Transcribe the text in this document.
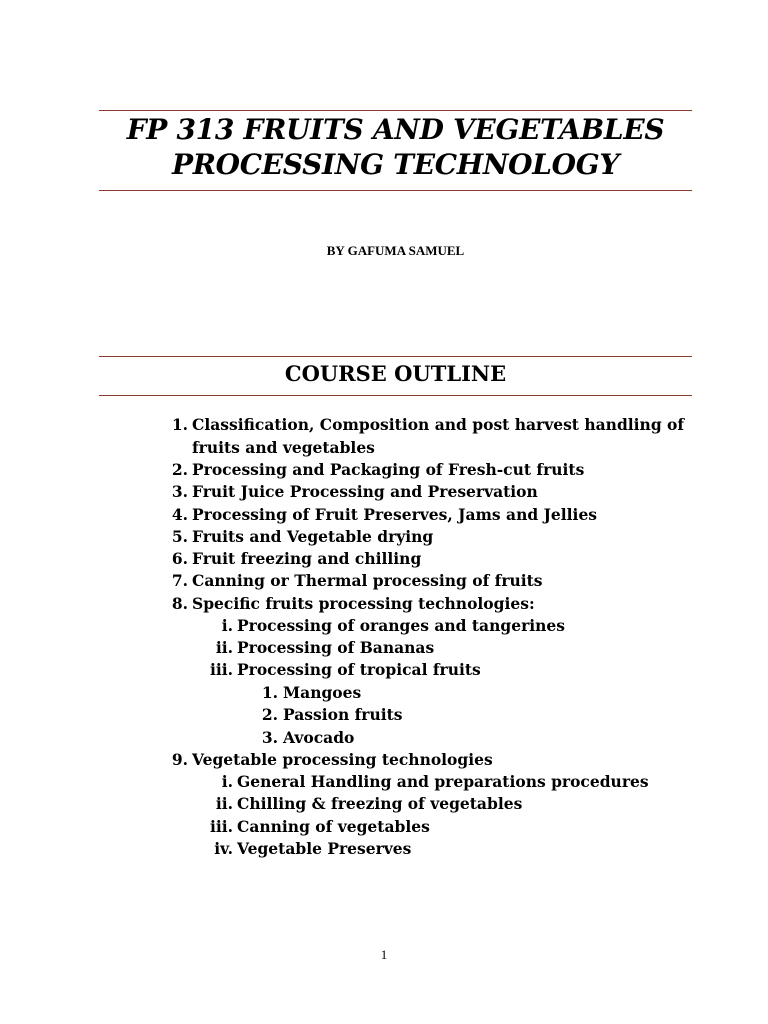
FP 313 FRUITS AND VEGETABLES
PROCESSING TECHNOLOGY
BY GAFUMA SAMUEL
COURSE OUTLINE
1. Classification, Composition and post harvest handling of
fruits and vegetables
2. Processing and Packaging of Fresh-cut fruits
3. Fruit Juice Processing and Preservation
4. Processing of Fruit Preserves, Jams and Jellies
5. Fruits and Vegetable drying
6. Fruit freezing and chilling
7. Canning or Thermal processing of fruits
8. Specific fruits processing technologies:
i. Processing of oranges and tangerines
ii. Processing of Bananas
iii. Processing of tropical fruits
1. Mangoes
2. Passion fruits
3. Avocado
9. Vegetable processing technologies
i. General Handling and preparations procedures
ii. Chilling & freezing of vegetables
iii. Canning of vegetables
iv. Vegetable Preserves
1
